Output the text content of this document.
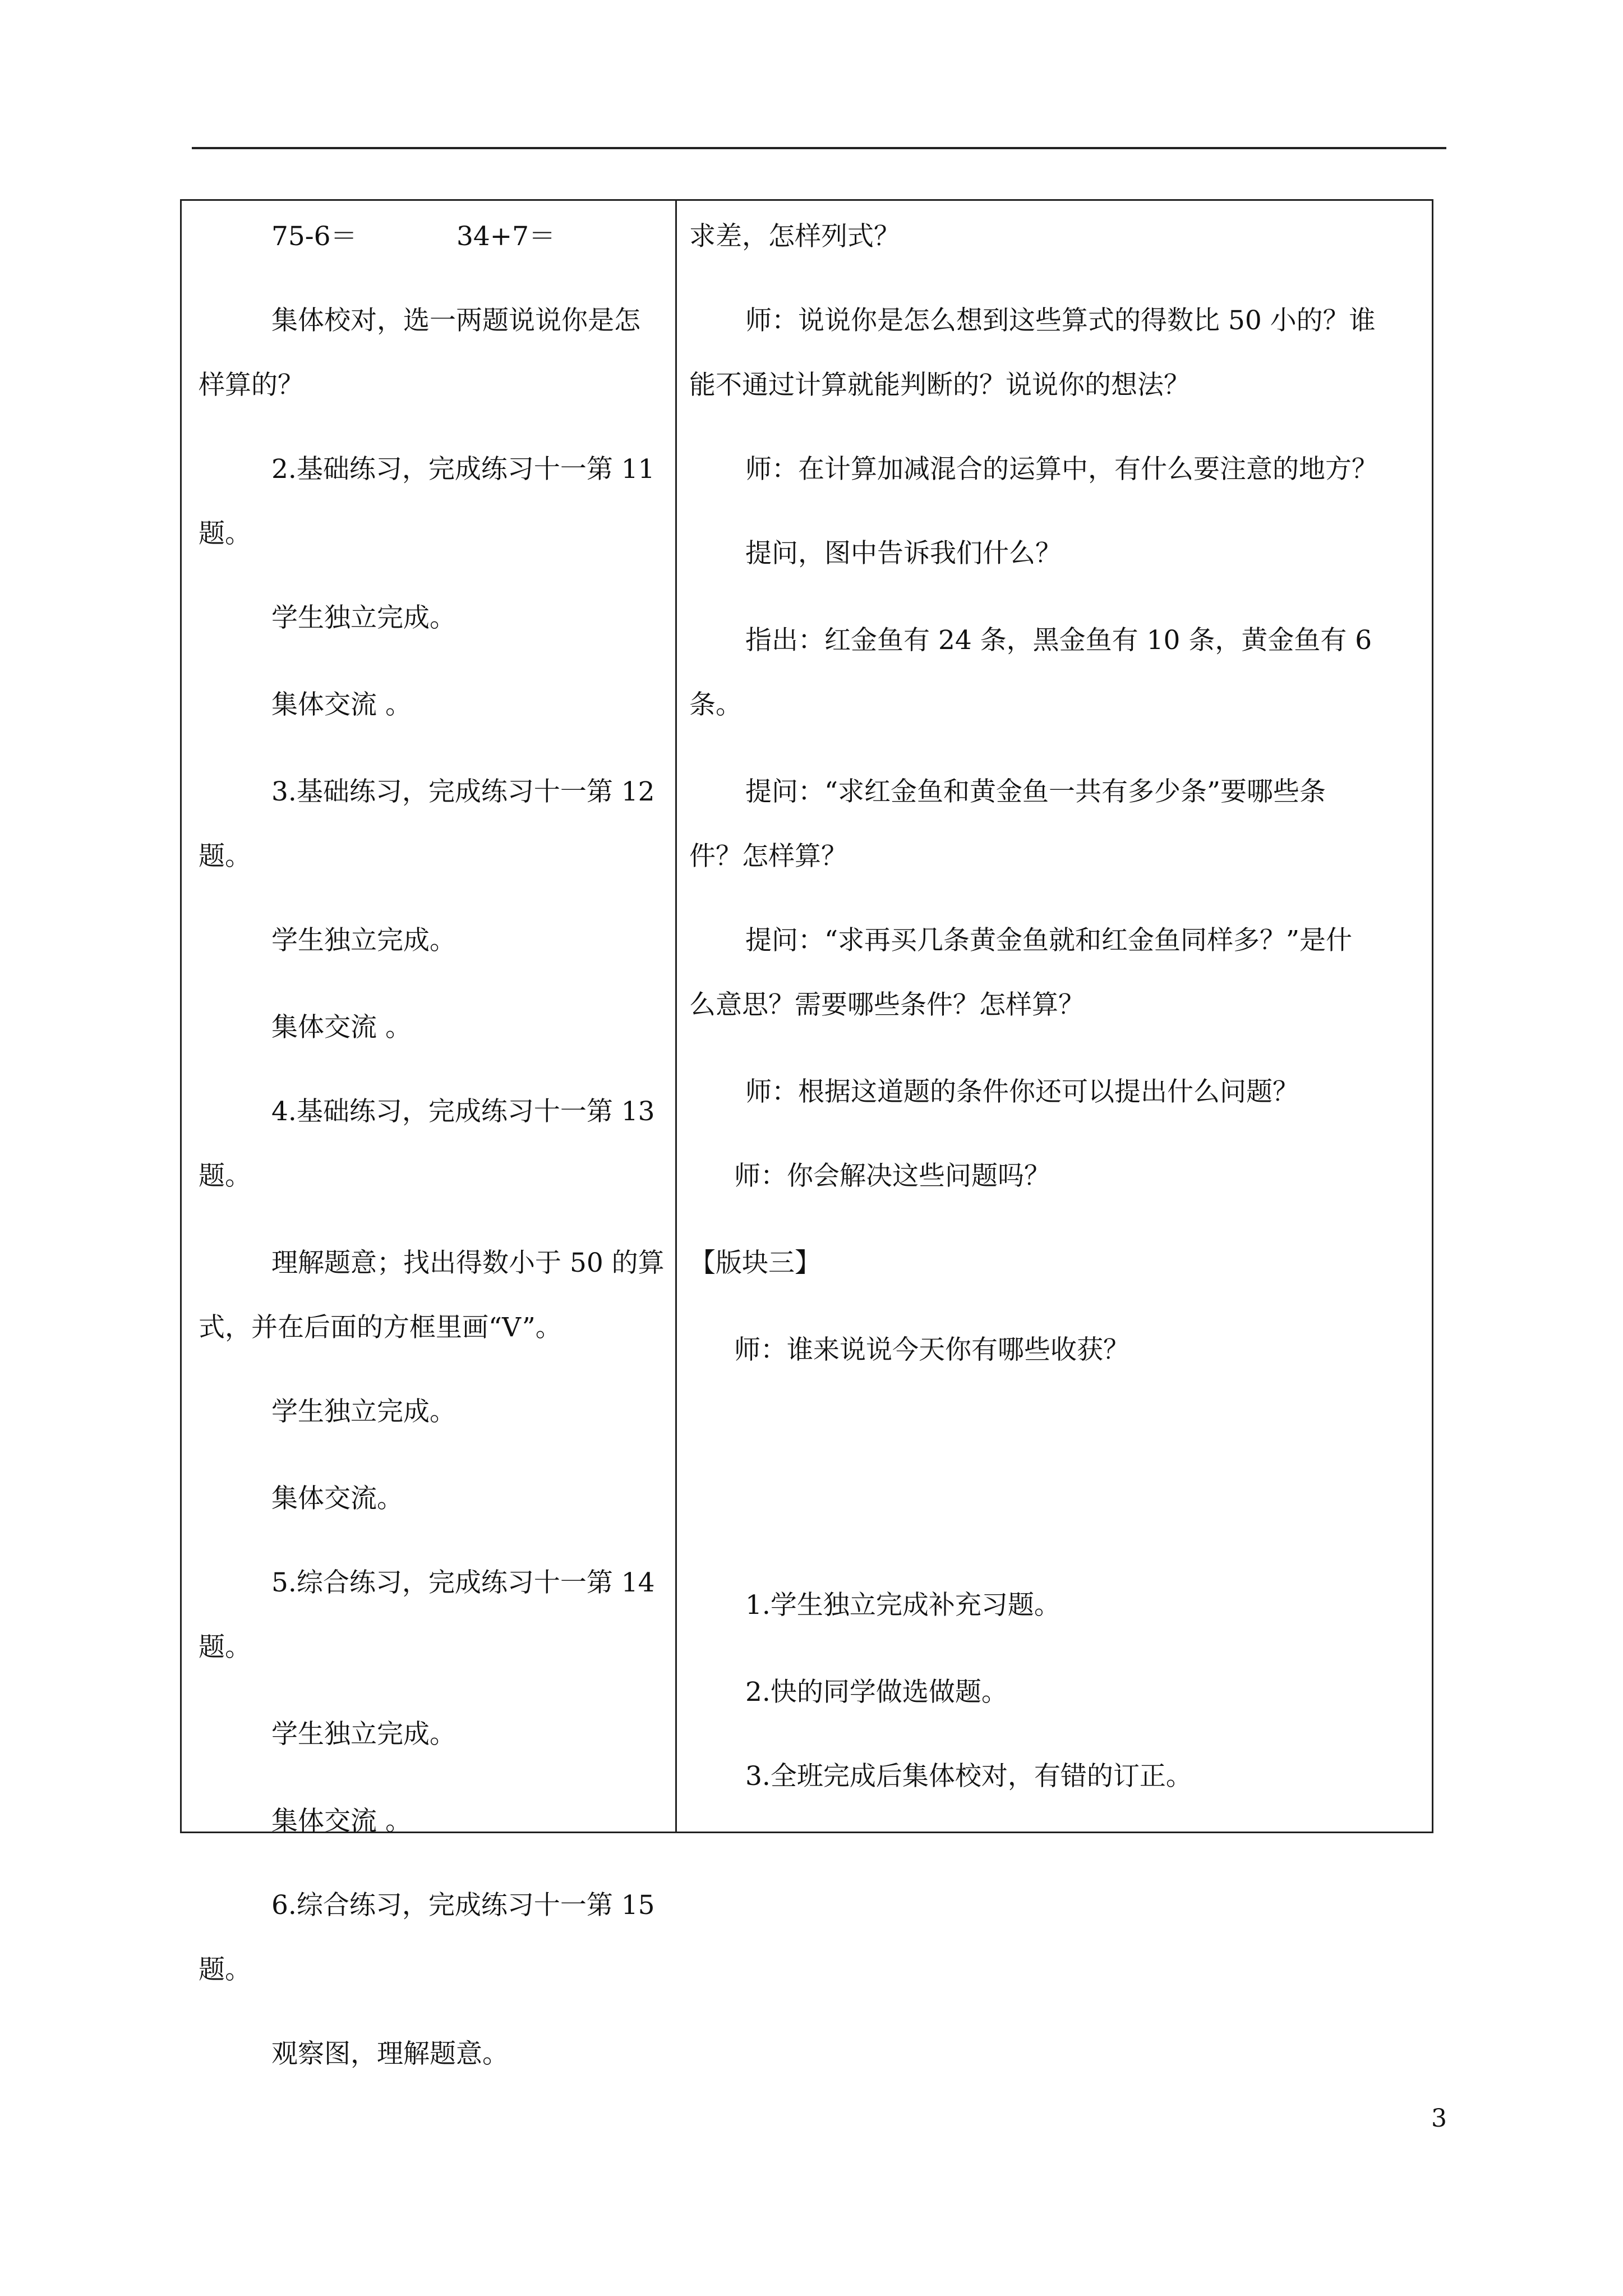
75-6＝	34+7＝
集体校对，选一两题说说你是怎
样算的？
2.基础练习，完成练习十一第 11
题。
学生独立完成。
集体交流 。
3.基础练习，完成练习十一第 12
题。
学生独立完成。
集体交流 。
4.基础练习，完成练习十一第 13
题。
理解题意；找出得数小于 50 的算
式，并在后面的方框里画“V”。
学生独立完成。
集体交流。
5.综合练习，完成练习十一第 14
题。
学生独立完成。
集体交流 。
6.综合练习，完成练习十一第 15
题。
观察图，理解题意。
求差，怎样列式？
师：说说你是怎么想到这些算式的得数比 50 小的？谁
能不通过计算就能判断的？说说你的想法？
师：在计算加减混合的运算中，有什么要注意的地方？
提问，图中告诉我们什么？
指出：红金鱼有 24 条，黑金鱼有 10 条，黄金鱼有 6
条。
提问：“求红金鱼和黄金鱼一共有多少条”要哪些条
件？怎样算？
提问：“求再买几条黄金鱼就和红金鱼同样多？”是什
么意思？需要哪些条件？怎样算？
师：根据这道题的条件你还可以提出什么问题？
师：你会解决这些问题吗？
【版块三】
师：谁来说说今天你有哪些收获？
1.学生独立完成补充习题。
2.快的同学做选做题。
3.全班完成后集体校对，有错的订正。
3
